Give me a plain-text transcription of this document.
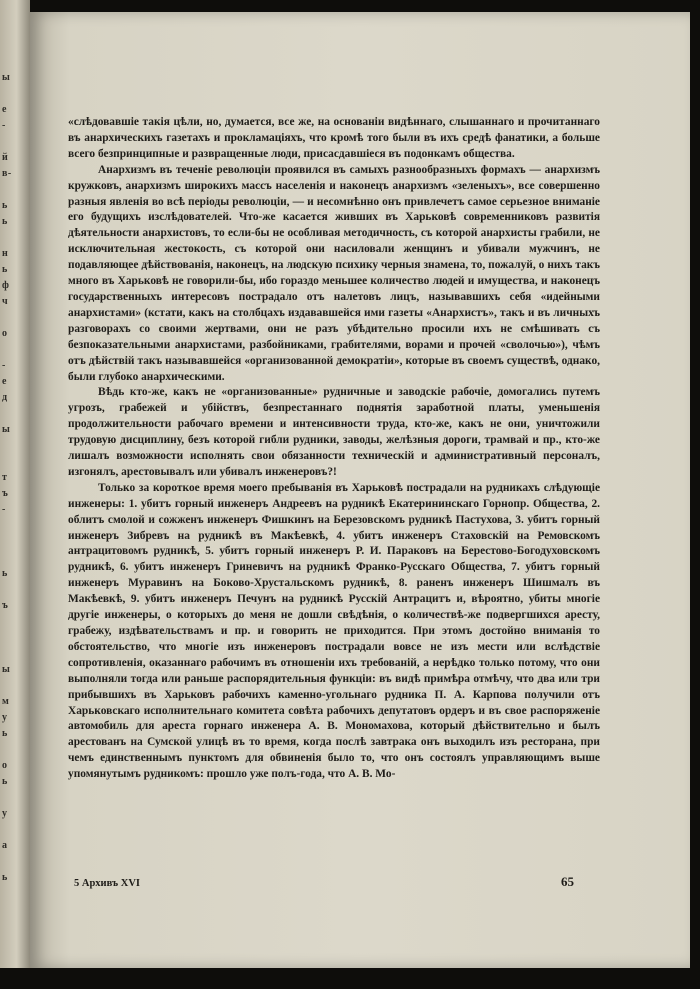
ы

е
-

й
в-

ь
ь

н
ь
ф
ч

о

-
е
д

ы

т
ъ
-

ь

ъ

ы

м
у
ь

о
ь

у

а

ь

«слѣдовавшіе такія цѣли, но, думается, все же, на основаніи видѣннаго, слышаннаго и прочитаннаго въ анархическихъ газетахъ и прокламаціяхъ, что кромѣ того были въ ихъ средѣ фанатики, а больше всего безпринципные и развращенные люди, присасдавшіеся въ подонкамъ общества.

Анархизмъ въ теченіе революціи проявился въ самыхъ разнообразныхъ формахъ — анархизмъ кружковъ, анархизмъ широкихъ массъ населенія и наконецъ анархизмъ «зеленыхъ», все совершенно разныя явленія во всѣ періоды революціи, — и несомнѣнно онъ привлечетъ самое серьезное вниманіе его будущихъ изслѣдователей. Что-же касается живших въ Харьковѣ современниковъ развитія дѣятельности анархистовъ, то если-бы не особливая методичность, съ которой анархисты грабили, не исключительная жестокость, съ которой они насиловали женщинъ и убивали мужчинъ, не подавляющее дѣйствованія, наконецъ, на людскую психику черныя знамена, то, пожалуй, о нихъ такъ много въ Харьковѣ не говорили-бы, ибо гораздо меньшее количество людей и имущества, и наконецъ государственныхъ интересовъ пострадало отъ налетовъ лицъ, называвшихъ себя «идейными анархистами» (кстати, какъ на столбцахъ издававшейся ими газеты «Анархистъ», такъ и въ личныхъ разговорахъ со своими жертвами, они не разъ убѣдительно просили ихъ не смѣшивать съ безпоказательными анархистами, разбойниками, грабителями, ворами и прочей «сволочью»), чѣмъ отъ дѣйствій такъ называвшейся «организованной демократіи», которые въ своемъ существѣ, однако, были глубоко анархическими.

Вѣдь кто-же, какъ не «организованные» рудничные и заводскіе рабочіе, домогались путемъ угрозъ, грабежей и убійствъ, безпрестаннаго поднятія заработной платы, уменьшенія продолжительности рабочаго времени и интенсивности труда, кто-же, какъ не они, уничтожили трудовую дисциплину, безъ которой гибли рудники, заводы, желѣзныя дороги, трамвай и пр., кто-же лишалъ возможности исполнять свои обязанности техническій и административный персоналъ, изгонялъ, арестовывалъ или убивалъ инженеровъ?!

Только за короткое время моего пребыванія въ Харьковѣ пострадали на рудникахъ слѣдующіе инженеры: 1. убитъ горный инженеръ Андреевъ на рудникѣ Екатерининскаго Горнопр. Общества, 2. облитъ смолой и сожженъ инженеръ Фишкинъ на Березовскомъ рудникѣ Пастухова, 3. убитъ горный инженеръ Зибревъ на рудникѣ въ Макѣевкѣ, 4. убитъ инженеръ Стаховскій на Ремовскомъ антрацитовомъ рудникѣ, 5. убитъ горный инженеръ Р. И. Параковъ на Берестово-Богодуховскомъ рудникѣ, 6. убитъ инженеръ Гриневичъ на рудникѣ Франко-Русскаго Общества, 7. убитъ горный инженеръ Муравинъ на Боково-Хрустальскомъ рудникѣ, 8. раненъ инженеръ Шишмалъ въ Макѣевкѣ, 9. убитъ инженеръ Печунъ на рудникѣ Русскій Антрацитъ и, вѣроятно, убиты многіе другіе инженеры, о которыхъ до меня не дошли свѣдѣнія, о количествѣ-же подвергшихся аресту, грабежу, издѣвательствамъ и пр. и говорить не приходится. При этомъ достойно вниманія то обстоятельство, что многіе изъ инженеровъ пострадали вовсе не изъ мести или вслѣдствіе сопротивленія, оказаннаго рабочимъ въ отношеніи ихъ требованій, а нерѣдко только потому, что они выполняли тогда или раньше распорядительныя функціи: въ видѣ примѣра отмѣчу, что два или три прибывшихъ въ Харьковъ рабочихъ каменно-угольнаго рудника П. А. Карпова получили отъ Харьковскаго исполнительнаго комитета совѣта рабочихъ депутатовъ ордеръ и въ свое распоряженіе автомобиль для ареста горнаго инженера А. В. Мономахова, который дѣйствительно и былъ арестованъ на Сумской улицѣ въ то время, когда послѣ завтрака онъ выходилъ изъ ресторана, при чемъ единственнымъ пунктомъ для обвиненія было то, что онъ состоялъ управляющимъ выше упомянутымъ рудникомъ: прошло уже полъ-года, что А. В. Мо-

5 Архивъ XVI	65
